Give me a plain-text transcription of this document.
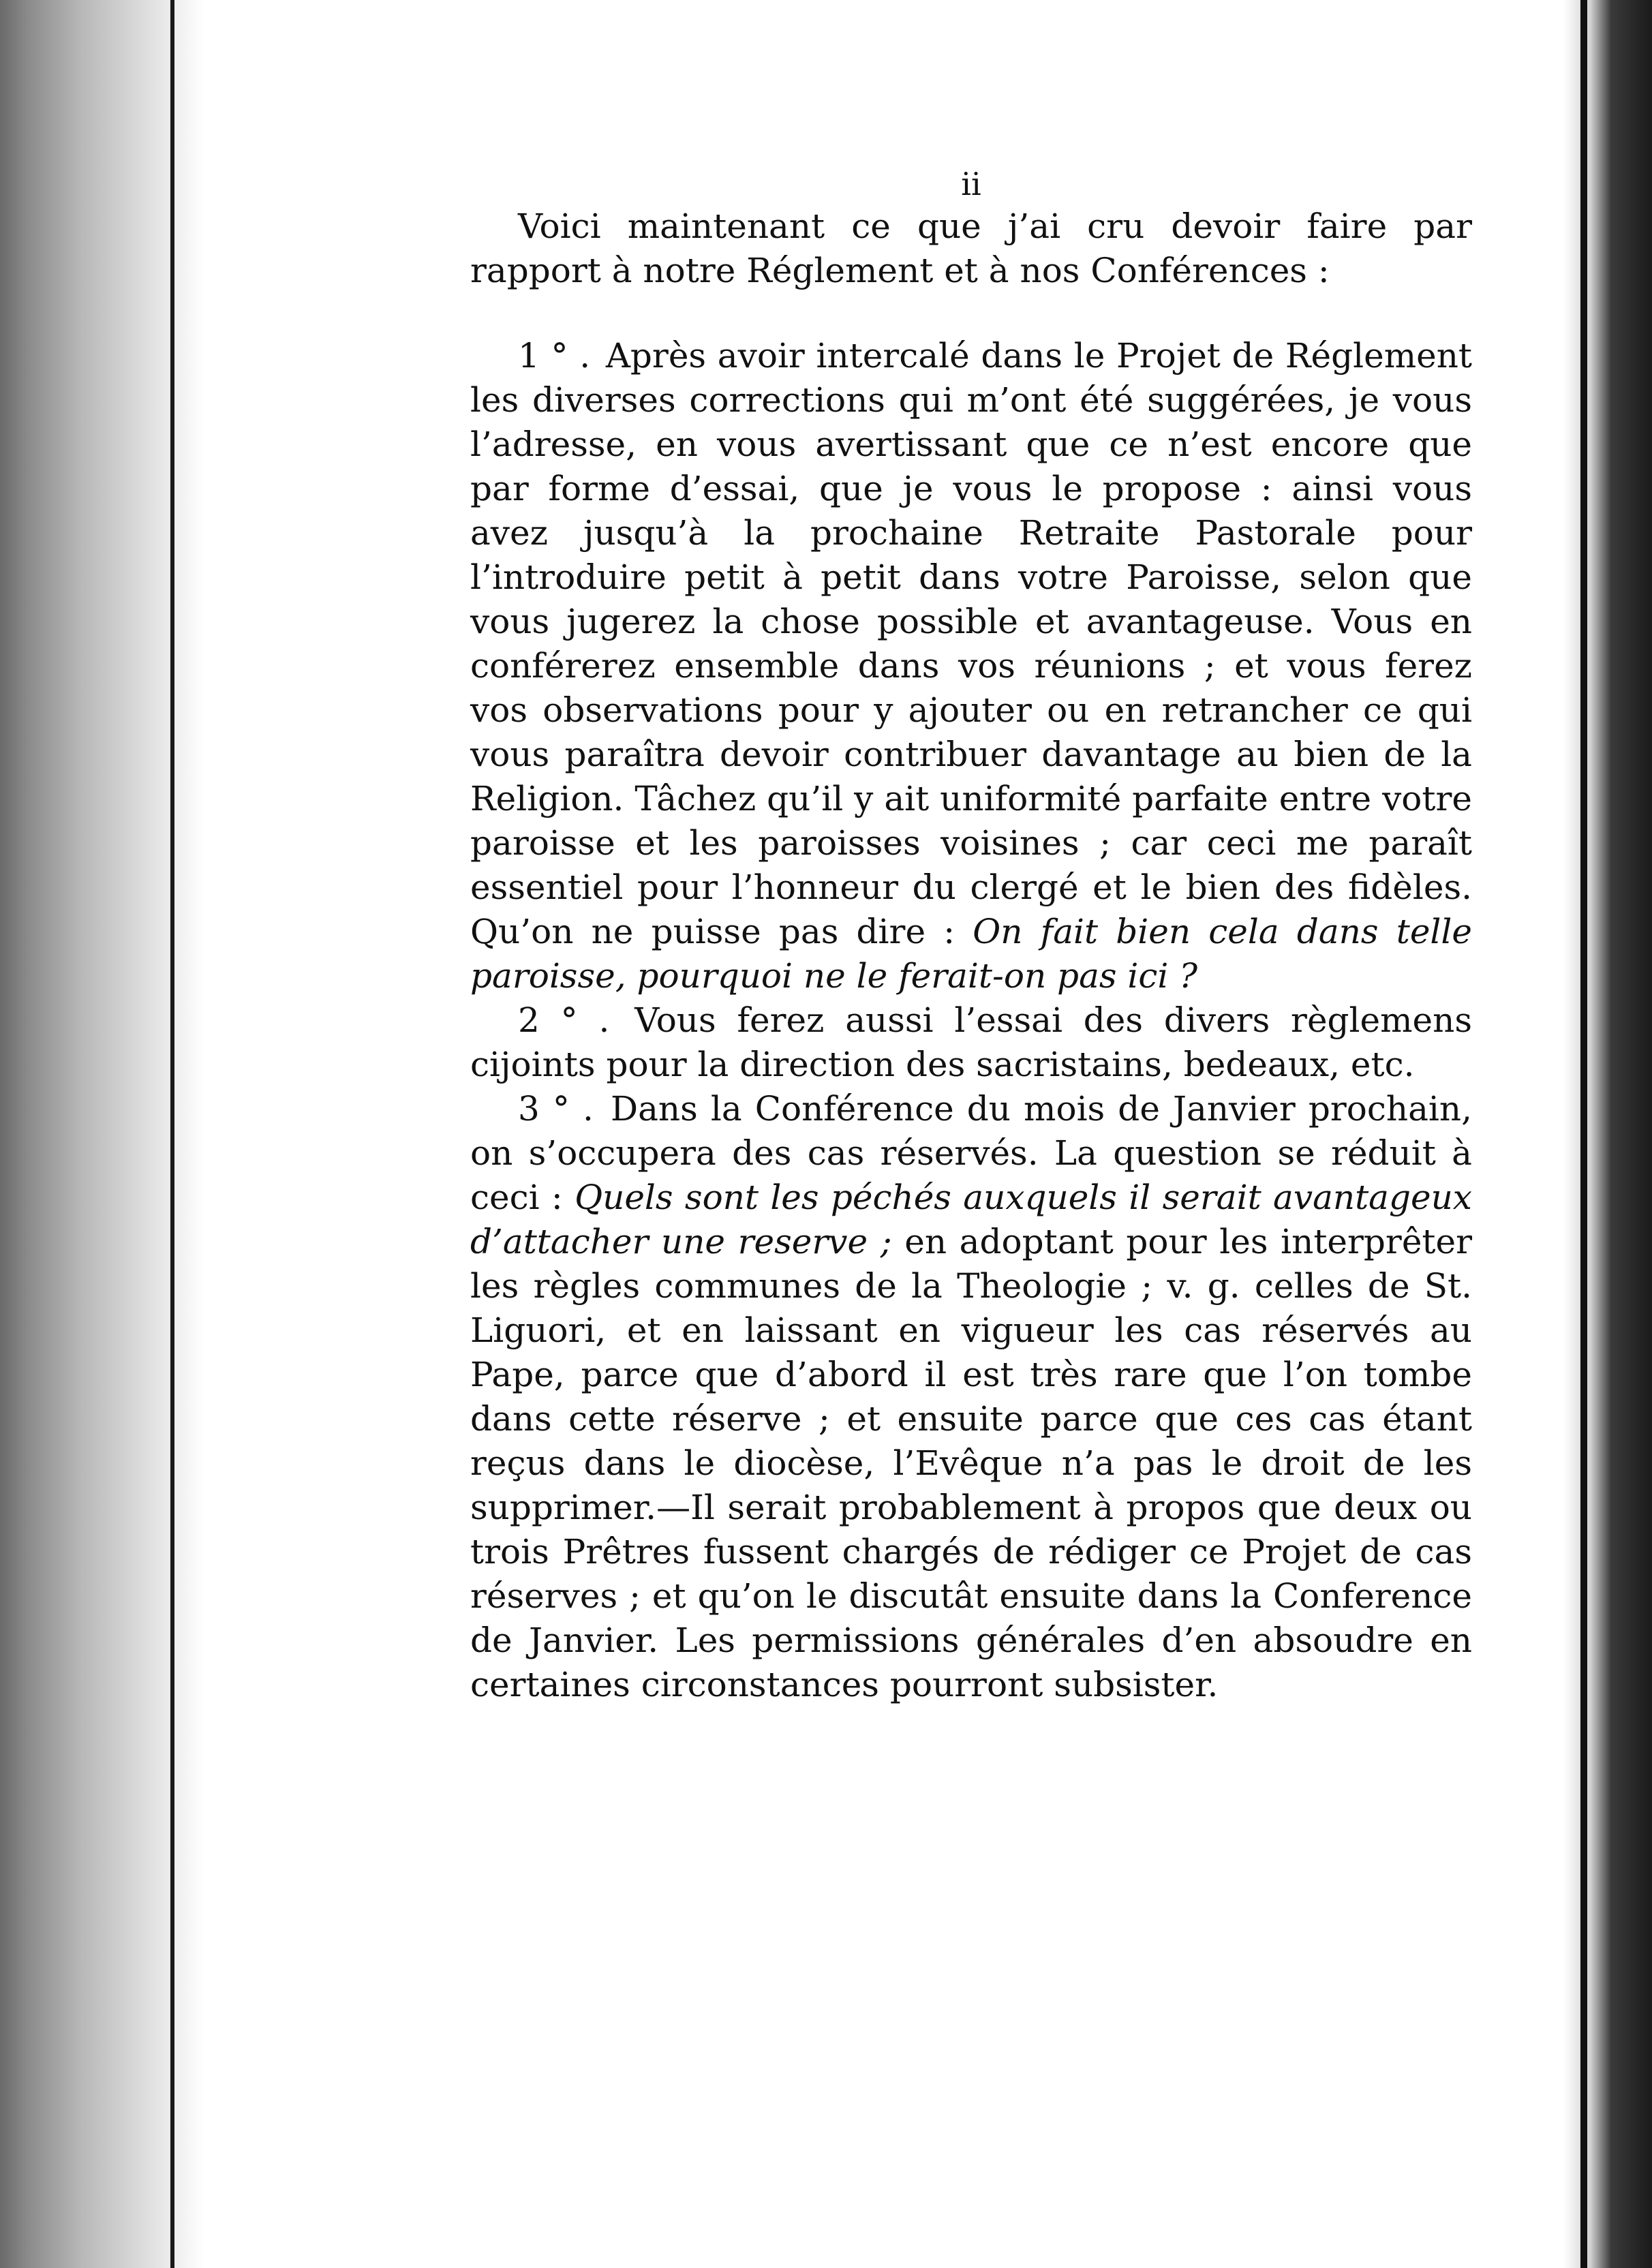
ii

Voici maintenant ce que j’ai cru devoir faire par rapport à notre Réglement et à nos Conférences :

1 ° . Après avoir intercalé dans le Projet de Réglement les diverses corrections qui m’ont été suggérées, je vous l’adresse, en vous avertissant que ce n’est encore que par forme d’essai, que je vous le propose : ainsi vous avez jusqu’à la prochaine Retraite Pastorale pour l’introduire petit à petit dans votre Paroisse, selon que vous jugerez la chose possible et avantageuse. Vous en conférerez ensemble dans vos réunions ; et vous ferez vos observations pour y ajouter ou en retrancher ce qui vous paraîtra devoir contribuer davantage au bien de la Religion. Tâchez qu’il y ait uniformité parfaite entre votre paroisse et les paroisses voisines ; car ceci me paraît essentiel pour l’honneur du clergé et le bien des fidèles. Qu’on ne puisse pas dire : On fait bien cela dans telle paroisse, pourquoi ne le ferait-on pas ici ?

2 ° . Vous ferez aussi l’essai des divers règlemens cijoints pour la direction des sacristains, bedeaux, etc.

3 ° . Dans la Conférence du mois de Janvier prochain, on s’occupera des cas réservés. La question se réduit à ceci : Quels sont les péchés auxquels il serait avantageux d’attacher une reserve ; en adoptant pour les interprêter les règles communes de la Theologie ; v. g. celles de St. Liguori, et en laissant en vigueur les cas réservés au Pape, parce que d’abord il est très rare que l’on tombe dans cette réserve ; et ensuite parce que ces cas étant reçus dans le diocèse, l’Evêque n’a pas le droit de les supprimer.—Il serait probablement à propos que deux ou trois Prêtres fussent chargés de rédiger ce Projet de cas réserves ; et qu’on le discutât ensuite dans la Conference de Janvier. Les permissions générales d’en absoudre en certaines circonstances pourront subsister.
